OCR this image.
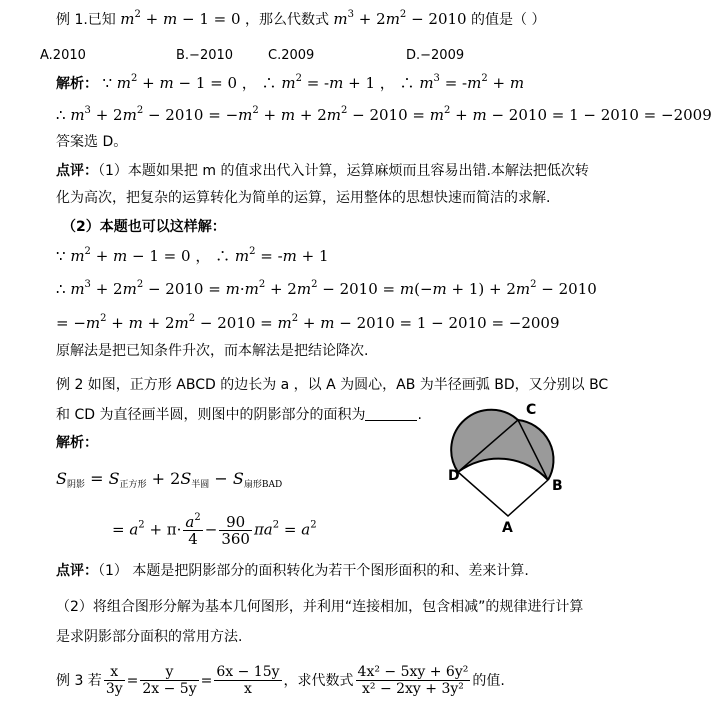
例 1.已知 $m^2 + m - 1 = 0$ ，那么代数式 $m^3 + 2m^2 - 2010$ 的值是（ ）
A.2010	B.−2010	C.2009	D.−2009
解析： ∵ $m^2 + m - 1 = 0$ ， ∴ $m^2 = -m + 1$ ， ∴ $m^3 = -m^2 + m$
∴ $m^3 + 2m^2 - 2010 = -m^2 + m + 2m^2 - 2010 = m^2 + m - 2010 = 1 - 2010 = -2009$
答案选 D。
点评：（1）本题如果把 m 的值求出代入计算，运算麻烦而且容易出错.本解法把低次转
化为高次，把复杂的运算转化为简单的运算，运用整体的思想快速而简洁的求解.
（2）本题也可以这样解：
∵ $m^2 + m - 1 = 0$ ， ∴ $m^2 = -m + 1$
∴ $m^3 + 2m^2 - 2010 = m\cdot m^2 + 2m^2 - 2010 = m(-m + 1) + 2m^2 - 2010$
= $-m^2 + m + 2m^2 - 2010 = m^2 + m - 2010 = 1 - 2010 = -2009$
原解法是把已知条件升次，而本解法是把结论降次.
例 2 如图，正方形 ABCD 的边长为 a ，以 A 为圆心，AB 为半径画弧 BD，又分别以 BC
和 CD 为直径画半圆，则图中的阴影部分的面积为	.
解析：
$S_{阴影} = S_{正方形} + 2S_{半圆} - S_{扇形BAD}$
= $a^2 + \pi\cdot \frac{a^2}{4} - \frac{90}{360} \pi a^2 = a^2$
C
D
B
A
点评：（1） 本题是把阴影部分的面积转化为若干个图形面积的和、差来计算.
（2）将组合图形分解为基本几何图形，并利用“连接相加，包含相减”的规律进行计算
是求阴影部分面积的常用方法.
例 3 若 $\frac{x}{3y} = \frac{y}{2x - 5y} = \frac{6x - 15y}{x}$ ，求代数式 $\frac{\text{4x² − 5xy + 6y²}}{\text{x² − 2xy + 3y²}}$ 的值.
